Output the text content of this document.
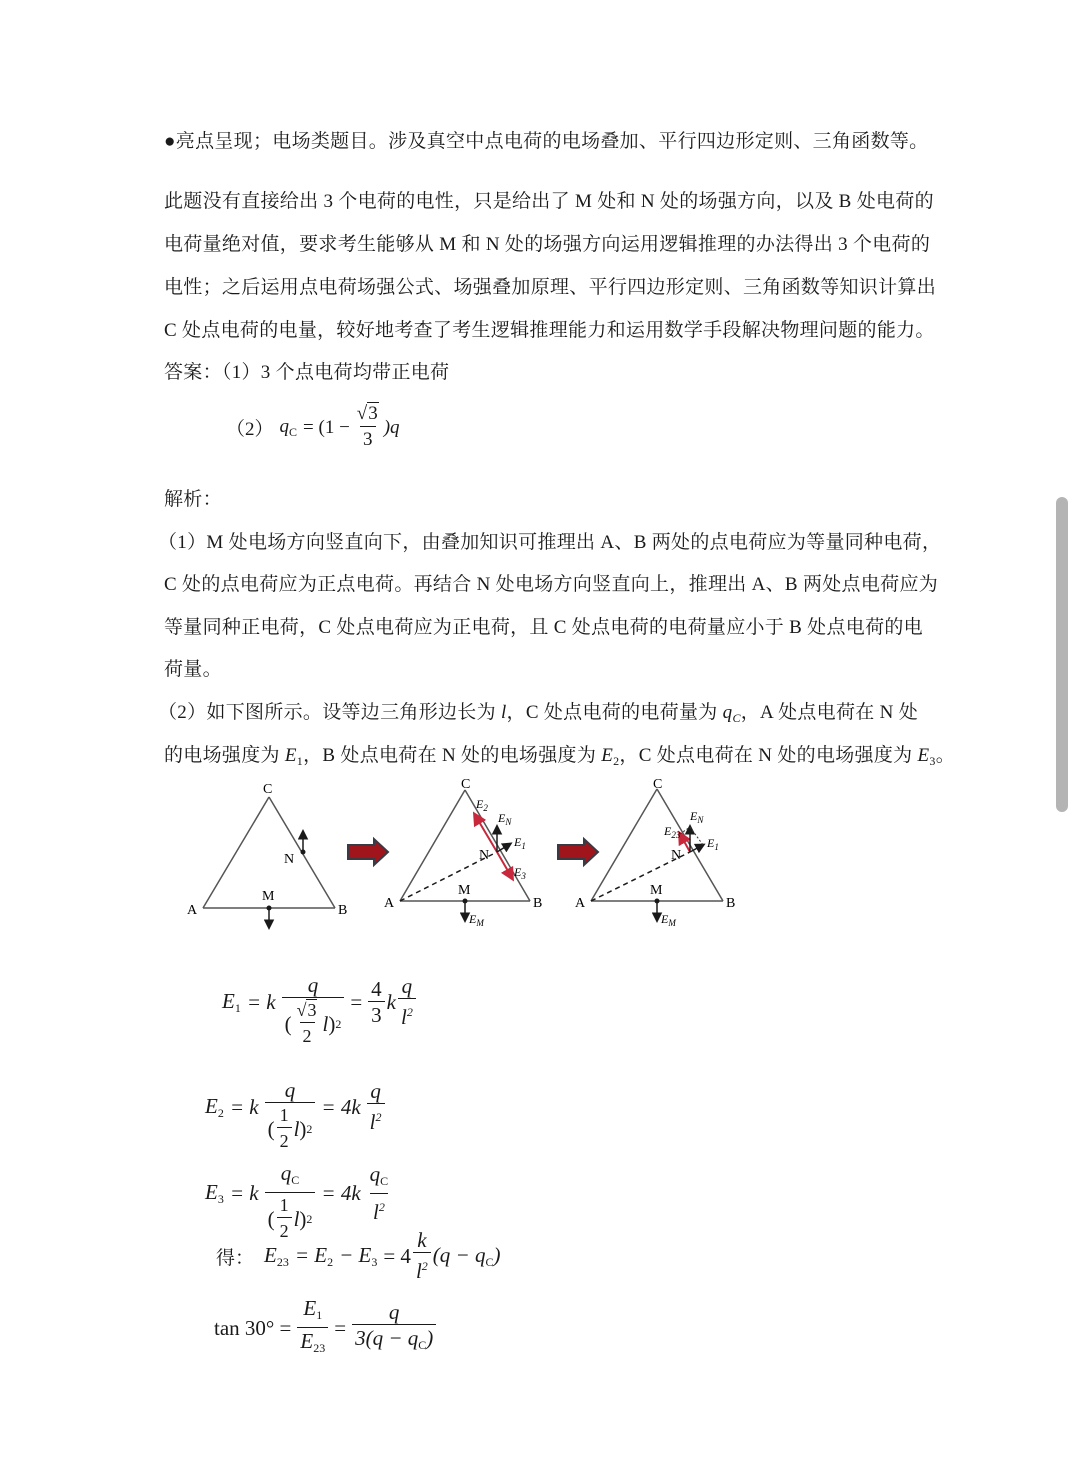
●亮点呈现；电场类题目。涉及真空中点电荷的电场叠加、平行四边形定则、三角函数等。
此题没有直接给出 3 个电荷的电性，只是给出了 M 处和 N 处的场强方向，以及 B 处电荷的
电荷量绝对值，要求考生能够从 M 和 N 处的场强方向运用逻辑推理的办法得出 3 个电荷的
电性；之后运用点电荷场强公式、场强叠加原理、平行四边形定则、三角函数等知识计算出
C 处点电荷的电量，较好地考查了考生逻辑推理能力和运用数学手段解决物理问题的能力。
答案：（1）3 个点电荷均带正电荷
（2） $q_C = (1 - \frac{√3}{3} )q$
解析：
（1）M 处电场方向竖直向下，由叠加知识可推理出 A、B 两处的点电荷应为等量同种电荷，
C 处的点电荷应为正点电荷。再结合 N 处电场方向竖直向上，推理出 A、B 两处点电荷应为
等量同种正电荷，C 处点电荷应为正电荷，且 C 处点电荷的电荷量应小于 B 处点电荷的电
荷量。
（2）如下图所示。设等边三角形边长为 l，C 处点电荷的电荷量为 $q_C$，A 处点电荷在 N 处
的电场强度为 $E_1$，B 处点电荷在 N 处的电场强度为 $E_2$，C 处点电荷在 N 处的电场强度为 $E_3$。
C
A	B
M
N
C
A	B
M
N
$E_2$
$E_N$
$E_1$
$E_3$
$E_M$
C
A	B
M
N
$E_{23}$
$E_N$
$E_1$
$E_M$
$E_1 = k \frac{q}{( \frac{√3}{2} l ) 2} = \frac{4}{3}$ k $\frac{q}{l^2}$
$E_2 = k \frac{q}{( \frac{1}{2} l ) 2} = 4k \frac{q}{l^2}$
$E_3 = k \frac{q_C}{( \frac{1}{2} l ) 2} = 4k \frac{q_C}{l^2}$
得： $E_{23} = E_2 - E_3 = 4 \frac{k}{l^2} (q - q_C)$
$\tan 30^\circ = \frac{E_1}{E_{23}} = \frac{q}{3(q - q_C)}$
